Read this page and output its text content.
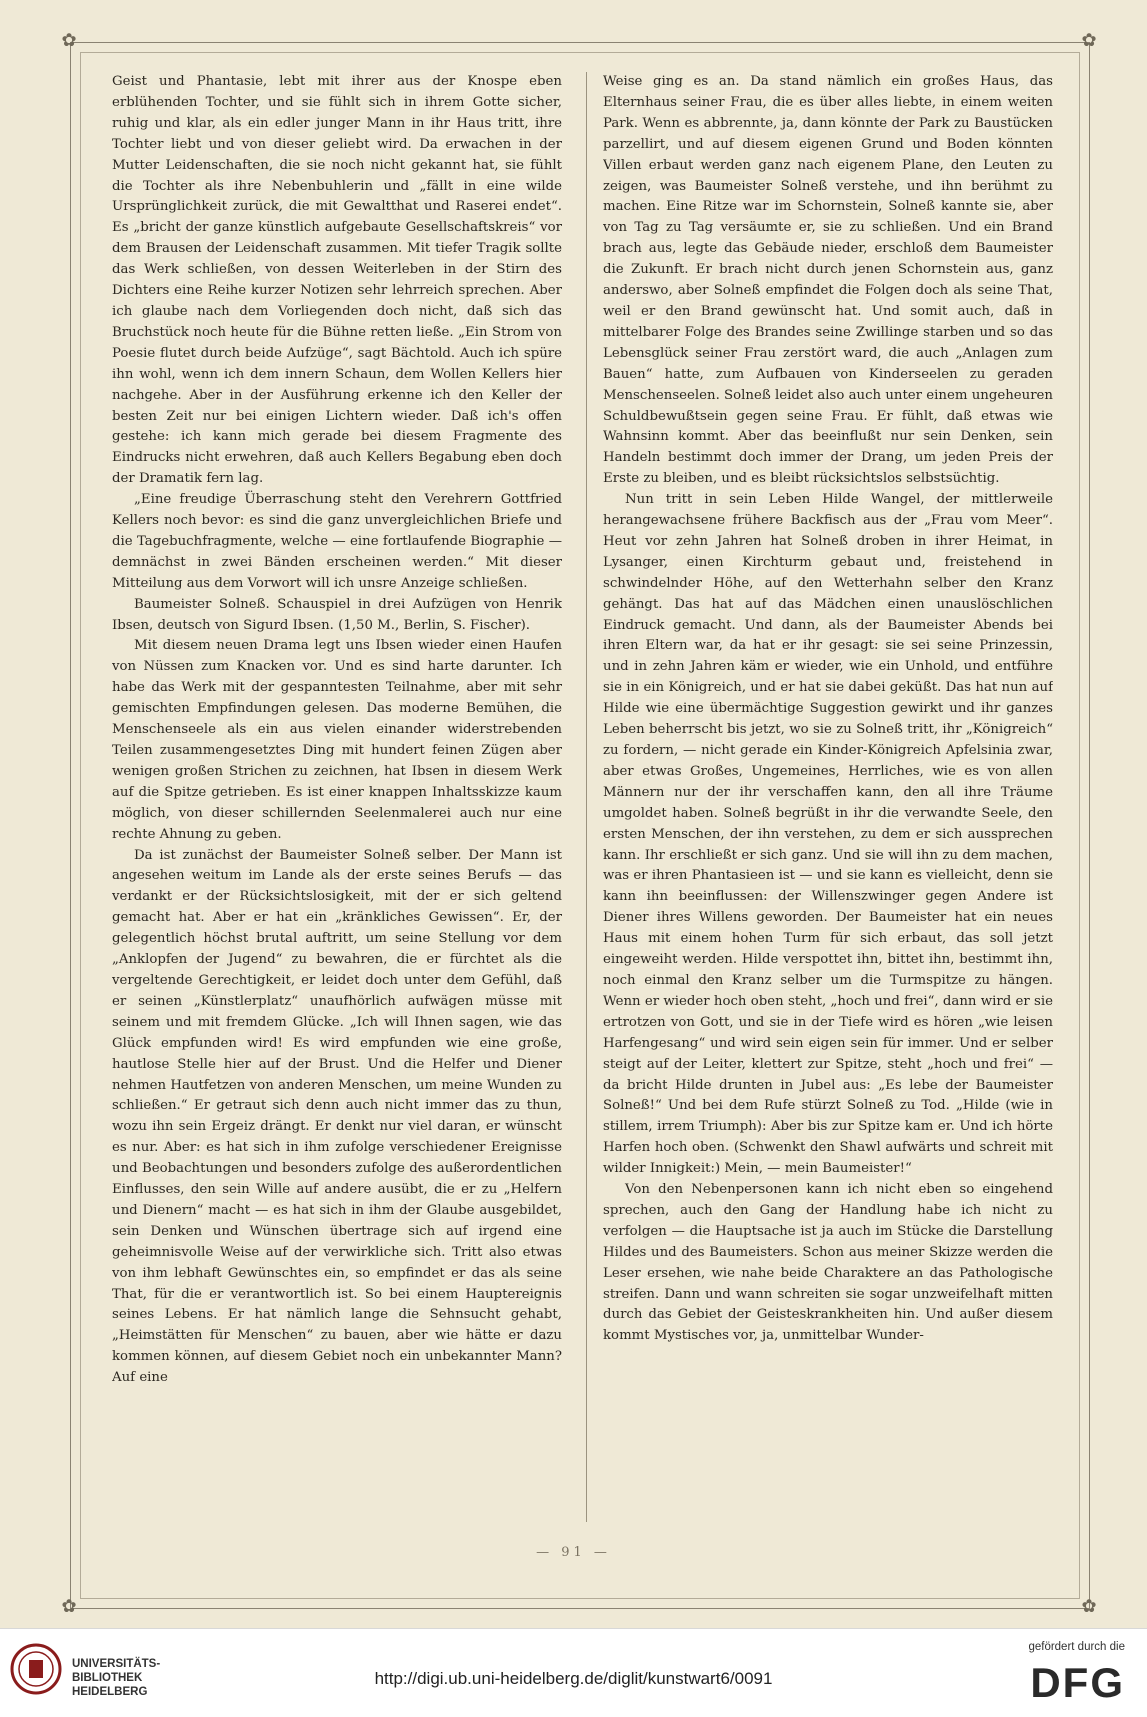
✿	✿
✿	✿

Geist und Phantasie, lebt mit ihrer aus der Knospe eben erblühenden Tochter, und sie fühlt sich in ihrem Gotte sicher, ruhig und klar, als ein edler junger Mann in ihr Haus tritt, ihre Tochter liebt und von dieser geliebt wird. Da erwachen in der Mutter Leidenschaften, die sie noch nicht gekannt hat, sie fühlt die Tochter als ihre Nebenbuhlerin und „fällt in eine wilde Ursprünglichkeit zurück, die mit Gewaltthat und Raserei endet“. Es „bricht der ganze künstlich aufgebaute Gesellschaftskreis“ vor dem Brausen der Leidenschaft zusammen. Mit tiefer Tragik sollte das Werk schließen, von dessen Weiterleben in der Stirn des Dichters eine Reihe kurzer Notizen sehr lehrreich sprechen. Aber ich glaube nach dem Vorliegenden doch nicht, daß sich das Bruchstück noch heute für die Bühne retten ließe. „Ein Strom von Poesie flutet durch beide Aufzüge“, sagt Bächtold. Auch ich spüre ihn wohl, wenn ich dem innern Schaun, dem Wollen Kellers hier nachgehe. Aber in der Ausführung erkenne ich den Keller der besten Zeit nur bei einigen Lichtern wieder. Daß ich's offen gestehe: ich kann mich gerade bei diesem Fragmente des Eindrucks nicht erwehren, daß auch Kellers Begabung eben doch der Dramatik fern lag.

„Eine freudige Überraschung steht den Verehrern Gottfried Kellers noch bevor: es sind die ganz unvergleichlichen Briefe und die Tagebuchfragmente, welche — eine fortlaufende Biographie — demnächst in zwei Bänden erscheinen werden.“ Mit dieser Mitteilung aus dem Vorwort will ich unsre Anzeige schließen.

Baumeister Solneß. Schauspiel in drei Aufzügen von Henrik Ibsen, deutsch von Sigurd Ibsen. (1,50 M., Berlin, S. Fischer).

Mit diesem neuen Drama legt uns Ibsen wieder einen Haufen von Nüssen zum Knacken vor. Und es sind harte darunter. Ich habe das Werk mit der gespanntesten Teilnahme, aber mit sehr gemischten Empfindungen gelesen. Das moderne Bemühen, die Menschenseele als ein aus vielen einander widerstrebenden Teilen zusammengesetztes Ding mit hundert feinen Zügen aber wenigen großen Strichen zu zeichnen, hat Ibsen in diesem Werk auf die Spitze getrieben. Es ist einer knappen Inhaltsskizze kaum möglich, von dieser schillernden Seelenmalerei auch nur eine rechte Ahnung zu geben.

Da ist zunächst der Baumeister Solneß selber. Der Mann ist angesehen weitum im Lande als der erste seines Berufs — das verdankt er der Rücksichtslosigkeit, mit der er sich geltend gemacht hat. Aber er hat ein „kränkliches Gewissen“. Er, der gelegentlich höchst brutal auftritt, um seine Stellung vor dem „Anklopfen der Jugend“ zu bewahren, die er fürchtet als die vergeltende Gerechtigkeit, er leidet doch unter dem Gefühl, daß er seinen „Künstlerplatz“ unaufhörlich aufwägen müsse mit seinem und mit fremdem Glücke. „Ich will Ihnen sagen, wie das Glück empfunden wird! Es wird empfunden wie eine große, hautlose Stelle hier auf der Brust. Und die Helfer und Diener nehmen Hautfetzen von anderen Menschen, um meine Wunden zu schließen.“ Er getraut sich denn auch nicht immer das zu thun, wozu ihn sein Ergeiz drängt. Er denkt nur viel daran, er wünscht es nur. Aber: es hat sich in ihm zufolge verschiedener Ereignisse und Beobachtungen und besonders zufolge des außerordentlichen Einflusses, den sein Wille auf andere ausübt, die er zu „Helfern und Dienern“ macht — es hat sich in ihm der Glaube ausgebildet, sein Denken und Wünschen übertrage sich auf irgend eine geheimnisvolle Weise auf der verwirkliche sich. Tritt also etwas von ihm lebhaft Gewünschtes ein, so empfindet er das als seine That, für die er verantwortlich ist. So bei einem Hauptereignis seines Lebens. Er hat nämlich lange die Sehnsucht gehabt, „Heimstätten für Menschen“ zu bauen, aber wie hätte er dazu kommen können, auf diesem Gebiet noch ein unbekannter Mann? Auf eine

Weise ging es an. Da stand nämlich ein großes Haus, das Elternhaus seiner Frau, die es über alles liebte, in einem weiten Park. Wenn es abbrennte, ja, dann könnte der Park zu Baustücken parzellirt, und auf diesem eigenen Grund und Boden könnten Villen erbaut werden ganz nach eigenem Plane, den Leuten zu zeigen, was Baumeister Solneß verstehe, und ihn berühmt zu machen. Eine Ritze war im Schornstein, Solneß kannte sie, aber von Tag zu Tag versäumte er, sie zu schließen. Und ein Brand brach aus, legte das Gebäude nieder, erschloß dem Baumeister die Zukunft. Er brach nicht durch jenen Schornstein aus, ganz anderswo, aber Solneß empfindet die Folgen doch als seine That, weil er den Brand gewünscht hat. Und somit auch, daß in mittelbarer Folge des Brandes seine Zwillinge starben und so das Lebensglück seiner Frau zerstört ward, die auch „Anlagen zum Bauen“ hatte, zum Aufbauen von Kinderseelen zu geraden Menschenseelen. Solneß leidet also auch unter einem ungeheuren Schuldbewußtsein gegen seine Frau. Er fühlt, daß etwas wie Wahnsinn kommt. Aber das beeinflußt nur sein Denken, sein Handeln bestimmt doch immer der Drang, um jeden Preis der Erste zu bleiben, und es bleibt rücksichtslos selbstsüchtig.

Nun tritt in sein Leben Hilde Wangel, der mittlerweile herangewachsene frühere Backfisch aus der „Frau vom Meer“. Heut vor zehn Jahren hat Solneß droben in ihrer Heimat, in Lysanger, einen Kirchturm gebaut und, freistehend in schwindelnder Höhe, auf den Wetterhahn selber den Kranz gehängt. Das hat auf das Mädchen einen unauslöschlichen Eindruck gemacht. Und dann, als der Baumeister Abends bei ihren Eltern war, da hat er ihr gesagt: sie sei seine Prinzessin, und in zehn Jahren käm er wieder, wie ein Unhold, und entführe sie in ein Königreich, und er hat sie dabei geküßt. Das hat nun auf Hilde wie eine übermächtige Suggestion gewirkt und ihr ganzes Leben beherrscht bis jetzt, wo sie zu Solneß tritt, ihr „Königreich“ zu fordern, — nicht gerade ein Kinder-Königreich Apfelsinia zwar, aber etwas Großes, Ungemeines, Herrliches, wie es von allen Männern nur der ihr verschaffen kann, den all ihre Träume umgoldet haben. Solneß begrüßt in ihr die verwandte Seele, den ersten Menschen, der ihn verstehen, zu dem er sich aussprechen kann. Ihr erschließt er sich ganz. Und sie will ihn zu dem machen, was er ihren Phantasieen ist — und sie kann es vielleicht, denn sie kann ihn beeinflussen: der Willenszwinger gegen Andere ist Diener ihres Willens geworden. Der Baumeister hat ein neues Haus mit einem hohen Turm für sich erbaut, das soll jetzt eingeweiht werden. Hilde verspottet ihn, bittet ihn, bestimmt ihn, noch einmal den Kranz selber um die Turmspitze zu hängen. Wenn er wieder hoch oben steht, „hoch und frei“, dann wird er sie ertrotzen von Gott, und sie in der Tiefe wird es hören „wie leisen Harfengesang“ und wird sein eigen sein für immer. Und er selber steigt auf der Leiter, klettert zur Spitze, steht „hoch und frei“ — da bricht Hilde drunten in Jubel aus: „Es lebe der Baumeister Solneß!“ Und bei dem Rufe stürzt Solneß zu Tod. „Hilde (wie in stillem, irrem Triumph): Aber bis zur Spitze kam er. Und ich hörte Harfen hoch oben. (Schwenkt den Shawl aufwärts und schreit mit wilder Innigkeit:) Mein, — mein Baumeister!“

Von den Nebenpersonen kann ich nicht eben so eingehend sprechen, auch den Gang der Handlung habe ich nicht zu verfolgen — die Hauptsache ist ja auch im Stücke die Darstellung Hildes und des Baumeisters. Schon aus meiner Skizze werden die Leser ersehen, wie nahe beide Charaktere an das Pathologische streifen. Dann und wann schreiten sie sogar unzweifelhaft mitten durch das Gebiet der Geisteskrankheiten hin. Und außer diesem kommt Mystisches vor, ja, unmittelbar Wunder-

— 91 —
UNIVERSITÄTS-
BIBLIOTHEK
HEIDELBERG
http://digi.ub.uni-heidelberg.de/diglit/kunstwart6/0091
gefördert durch die
DFG
